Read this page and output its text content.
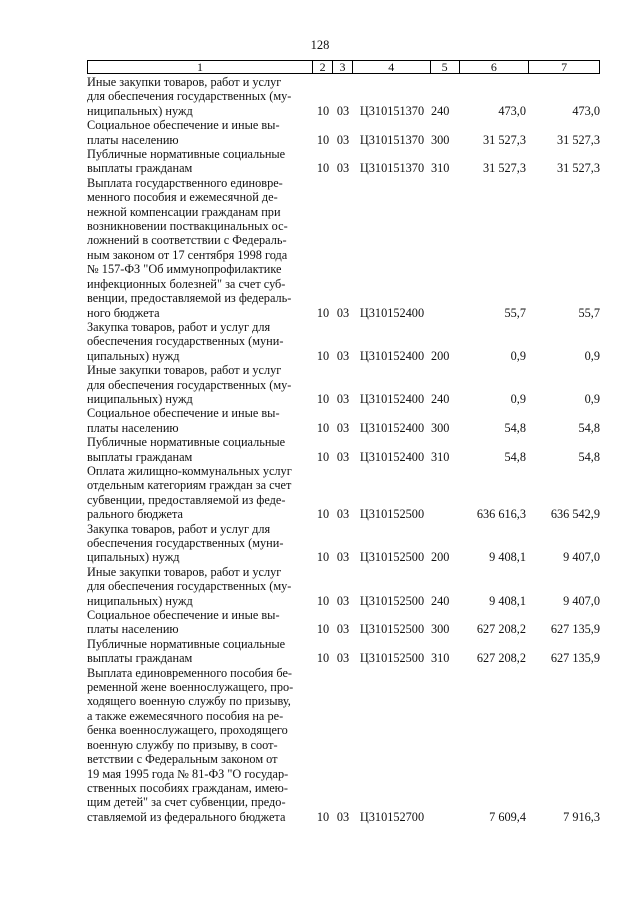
128
1	2	3	4	5	6	7
Иные закупки товаров, работ и услуг
для обеспечения государственных (му-
ниципальных) нужд	10 03 Ц310151370 240	473,0	473,0
Социальное обеспечение и иные вы-
платы населению	10 03 Ц310151370 300	31 527,3	31 527,3
Публичные нормативные социальные
выплаты гражданам	10 03 Ц310151370 310	31 527,3	31 527,3
Выплата государственного единовре-
менного пособия и ежемесячной де-
нежной компенсации гражданам при
возникновении поствакцинальных ос-
ложнений в соответствии с Федераль-
ным законом от 17 сентября 1998 года
№ 157-ФЗ "Об иммунопрофилактике
инфекционных болезней" за счет суб-
венции, предоставляемой из федераль-
ного бюджета	10 03 Ц310152400	55,7	55,7
Закупка товаров, работ и услуг для
обеспечения государственных (муни-
ципальных) нужд	10 03 Ц310152400 200	0,9	0,9
Иные закупки товаров, работ и услуг
для обеспечения государственных (му-
ниципальных) нужд	10 03 Ц310152400 240	0,9	0,9
Социальное обеспечение и иные вы-
платы населению	10 03 Ц310152400 300	54,8	54,8
Публичные нормативные социальные
выплаты гражданам	10 03 Ц310152400 310	54,8	54,8
Оплата жилищно-коммунальных услуг
отдельным категориям граждан за счет
субвенции, предоставляемой из феде-
рального бюджета	10 03 Ц310152500	636 616,3	636 542,9
Закупка товаров, работ и услуг для
обеспечения государственных (муни-
ципальных) нужд	10 03 Ц310152500 200	9 408,1	9 407,0
Иные закупки товаров, работ и услуг
для обеспечения государственных (му-
ниципальных) нужд	10 03 Ц310152500 240	9 408,1	9 407,0
Социальное обеспечение и иные вы-
платы населению	10 03 Ц310152500 300	627 208,2	627 135,9
Публичные нормативные социальные
выплаты гражданам	10 03 Ц310152500 310	627 208,2	627 135,9
Выплата единовременного пособия бе-
ременной жене военнослужащего, про-
ходящего военную службу по призыву,
а также ежемесячного пособия на ре-
бенка военнослужащего, проходящего
военную службу по призыву, в соот-
ветствии с Федеральным законом от
19 мая 1995 года № 81-ФЗ "О государ-
ственных пособиях гражданам, имею-
щим детей" за счет субвенции, предо-
ставляемой из федерального бюджета	10 03 Ц310152700	7 609,4	7 916,3
